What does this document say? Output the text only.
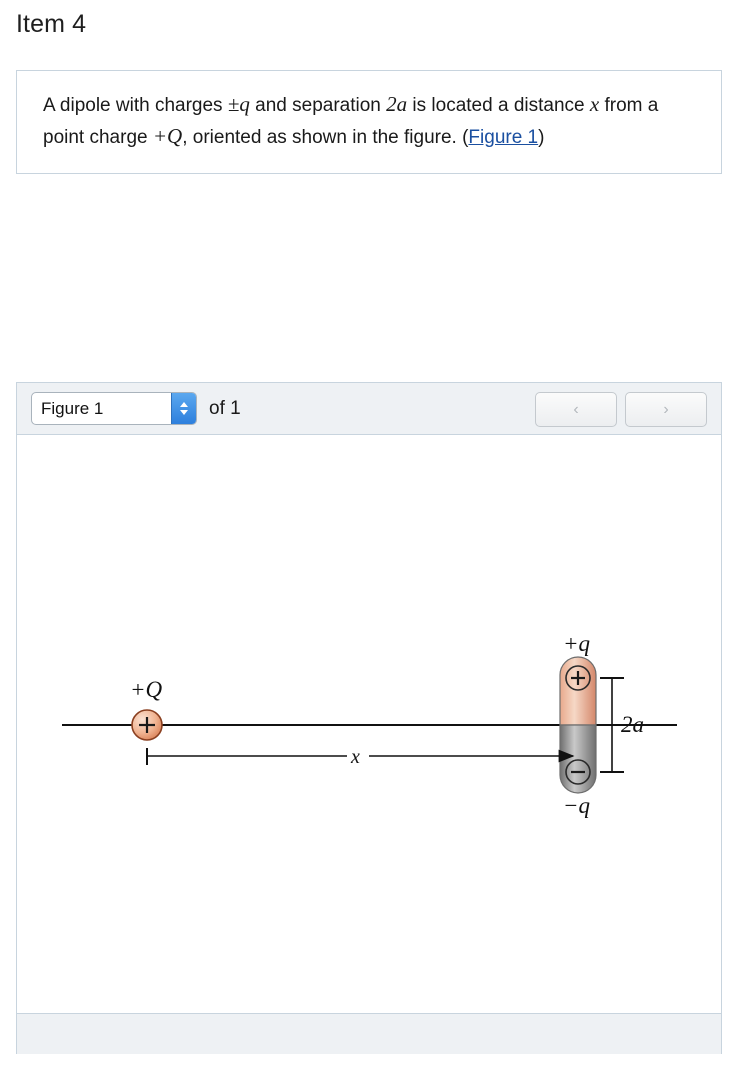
Item 4
A dipole with charges ±q and separation 2a is located a distance x from a point charge +Q, oriented as shown in the figure. (Figure 1)
Figure 1
of 1	‹	›
+Q
+q
−q
2a
x
